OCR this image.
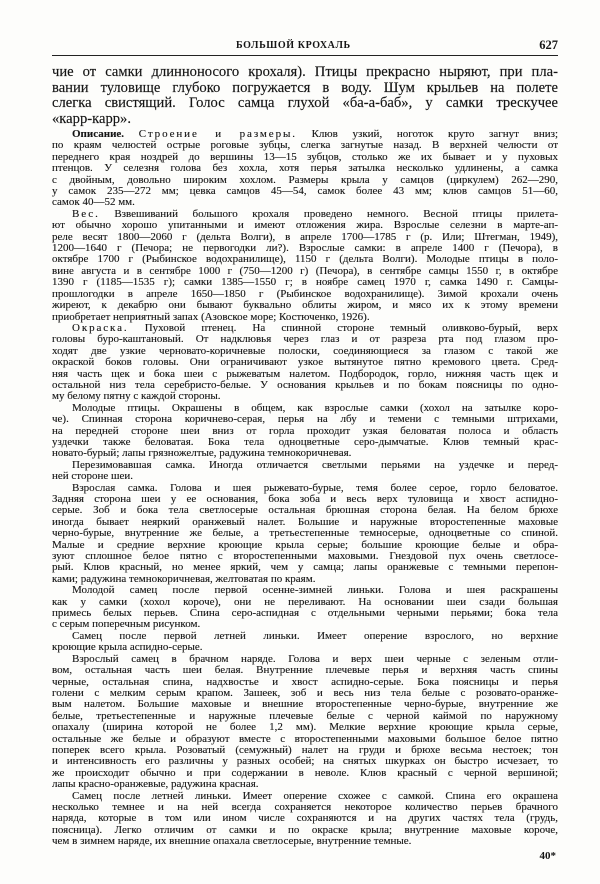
БОЛЬШОЙ КРОХАЛЬ	627
чие от самки длинноносого крохаля). Птицы прекрасно ныряют, при пла-
вании туловище глубоко погружается в воду. Шум крыльев на полете
слегка свистящий. Голос самца глухой «ба-а-баб», у самки трескучее
«карр-карр».
Описание. Строение и размеры. Клюв узкий, ноготок круто загнут вниз;
по краям челюстей острые роговые зубцы, слегка загнутые назад. В верхней челюсти от
переднего края ноздрей до вершины 13—15 зубцов, столько же их бывает и у пуховых
птенцов. У селезня голова без хохла, хотя перья затылка несколько удлинены, а самка
с двойным, довольно широким хохлом. Размеры крыла у самцов (циркулем) 262—290,
у самок 235—272 мм; цевка самцов 45—54, самок более 43 мм; клюв самцов 51—60,
самок 40—52 мм.
Вес. Взвешиваний большого крохаля проведено немного. Весной птицы прилета-
ют обычно хорошо упитанными и имеют отложения жира. Взрослые селезни в марте-ап-
реле весят 1800—2060 г (дельта Волги), в апреле 1700—1785 г (р. Или; Штегман, 1949),
1200—1640 г (Печора; не первогодки ли?). Взрослые самки: в апреле 1400 г (Печора), в
октябре 1700 г (Рыбинское водохранилище), 1150 г (дельта Волги). Молодые птицы в поло-
вине августа и в сентябре 1000 г (750—1200 г) (Печора), в сентябре самцы 1550 г, в октябре
1390 г (1185—1535 г); самки 1385—1550 г; в ноябре самец 1970 г, самка 1490 г. Самцы-
прошлогодки в апреле 1650—1850 г (Рыбинское водохранилище). Зимой крохали очень
жиреют, к декабрю они бывают буквально облиты жиром, и мясо их к этому времени
приобретает неприятный запах (Азовское море; Костюченко, 1926).
Окраска. Пуховой птенец. На спинной стороне темный оливково-бурый, верх
головы буро-каштановый. От надклювья через глаз и от разреза рта под глазом про-
ходят две узкие черновато-коричневые полоски, соединяющиеся за глазом с такой же
окраской боков головы. Они ограничивают узкое вытянутое пятно кремового цвета. Сред-
няя часть щек и бока шеи с рыжеватым налетом. Подбородок, горло, нижняя часть щек и
остальной низ тела серебристо-белые. У основания крыльев и по бокам поясницы по одно-
му белому пятну с каждой стороны.
Молодые птицы. Окрашены в общем, как взрослые самки (хохол на затылке коро-
че). Спинная сторона коричнево-серая, перья на лбу и темени с темными штрихами,
на передней стороне шеи вниз от горла проходит узкая беловатая полоса и область
уздечки также беловатая. Бока тела одноцветные серо-дымчатые. Клюв темный крас-
новато-бурый; лапы грязножелтые, радужина темнокоричневая.
Перезимовавшая самка. Иногда отличается светлыми перьями на уздечке и перед-
ней стороне шеи.
Взрослая самка. Голова и шея рыжевато-бурые, темя более серое, горло беловатое.
Задняя сторона шеи у ее основания, бока зоба и весь верх туловища и хвост аспидно-
серые. Зоб и бока тела светлосерые остальная брюшная сторона белая. На белом брюхе
иногда бывает неяркий оранжевый налет. Большие и наружные второстепенные маховые
черно-бурые, внутренние же белые, а третьестепенные темносерые, одноцветные со спиной.
Малые и средние верхние кроющие крыла серые; большие кроющие белые и обра-
зуют сплошное белое пятно с второстепенными маховыми. Гнездовой пух очень светлосе-
рый. Клюв красный, но менее яркий, чем у самца; лапы оранжевые с темными перепон-
ками; радужина темнокоричневая, желтоватая по краям.
Молодой самец после первой осенне-зимней линьки. Голова и шея раскрашены
как у самки (хохол короче), они не переливают. На основании шеи сзади большая
примесь белых перьев. Спина серо-аспидная с отдельными черными перьями; бока тела
с серым поперечным рисунком.
Самец после первой летней линьки. Имеет оперение взрослого, но верхние
кроющие крыла аспидно-серые.
Взрослый самец в брачном наряде. Голова и верх шеи черные с зеленым отли-
вом, остальная часть шеи белая. Внутренние плечевые перья и верхняя часть спины
черные, остальная спина, надхвостье и хвост аспидно-серые. Бока поясницы и перья
голени с мелким серым крапом. Зашеек, зоб и весь низ тела белые с розовато-оранже-
вым налетом. Большие маховые и внешние второстепенные черно-бурые, внутренние же
белые, третьестепенные и наружные плечевые белые с черной каймой по наружному
опахалу (ширина которой не более 1,2 мм). Мелкие верхние кроющие крыла серые,
остальные же белые и образуют вместе с второстепенными маховыми большое белое пятно
поперек всего крыла. Розоватый (семужный) налет на груди и брюхе весьма нестоек; тон
и интенсивность его различны у разных особей; на снятых шкурках он быстро исчезает, то
же происходит обычно и при содержании в неволе. Клюв красный с черной вершиной;
лапы красно-оранжевые, радужина красная.
Самец после летней линьки. Имеет оперение схожее с самкой. Спина его окрашена
несколько темнее и на ней всегда сохраняется некоторое количество перьев брачного
наряда, которые в том или ином числе сохраняются и на других частях тела (грудь,
поясница). Легко отличим от самки и по окраске крыла; внутренние маховые короче,
чем в зимнем наряде, их внешние опахала светлосерые, внутренние темные.
40*
